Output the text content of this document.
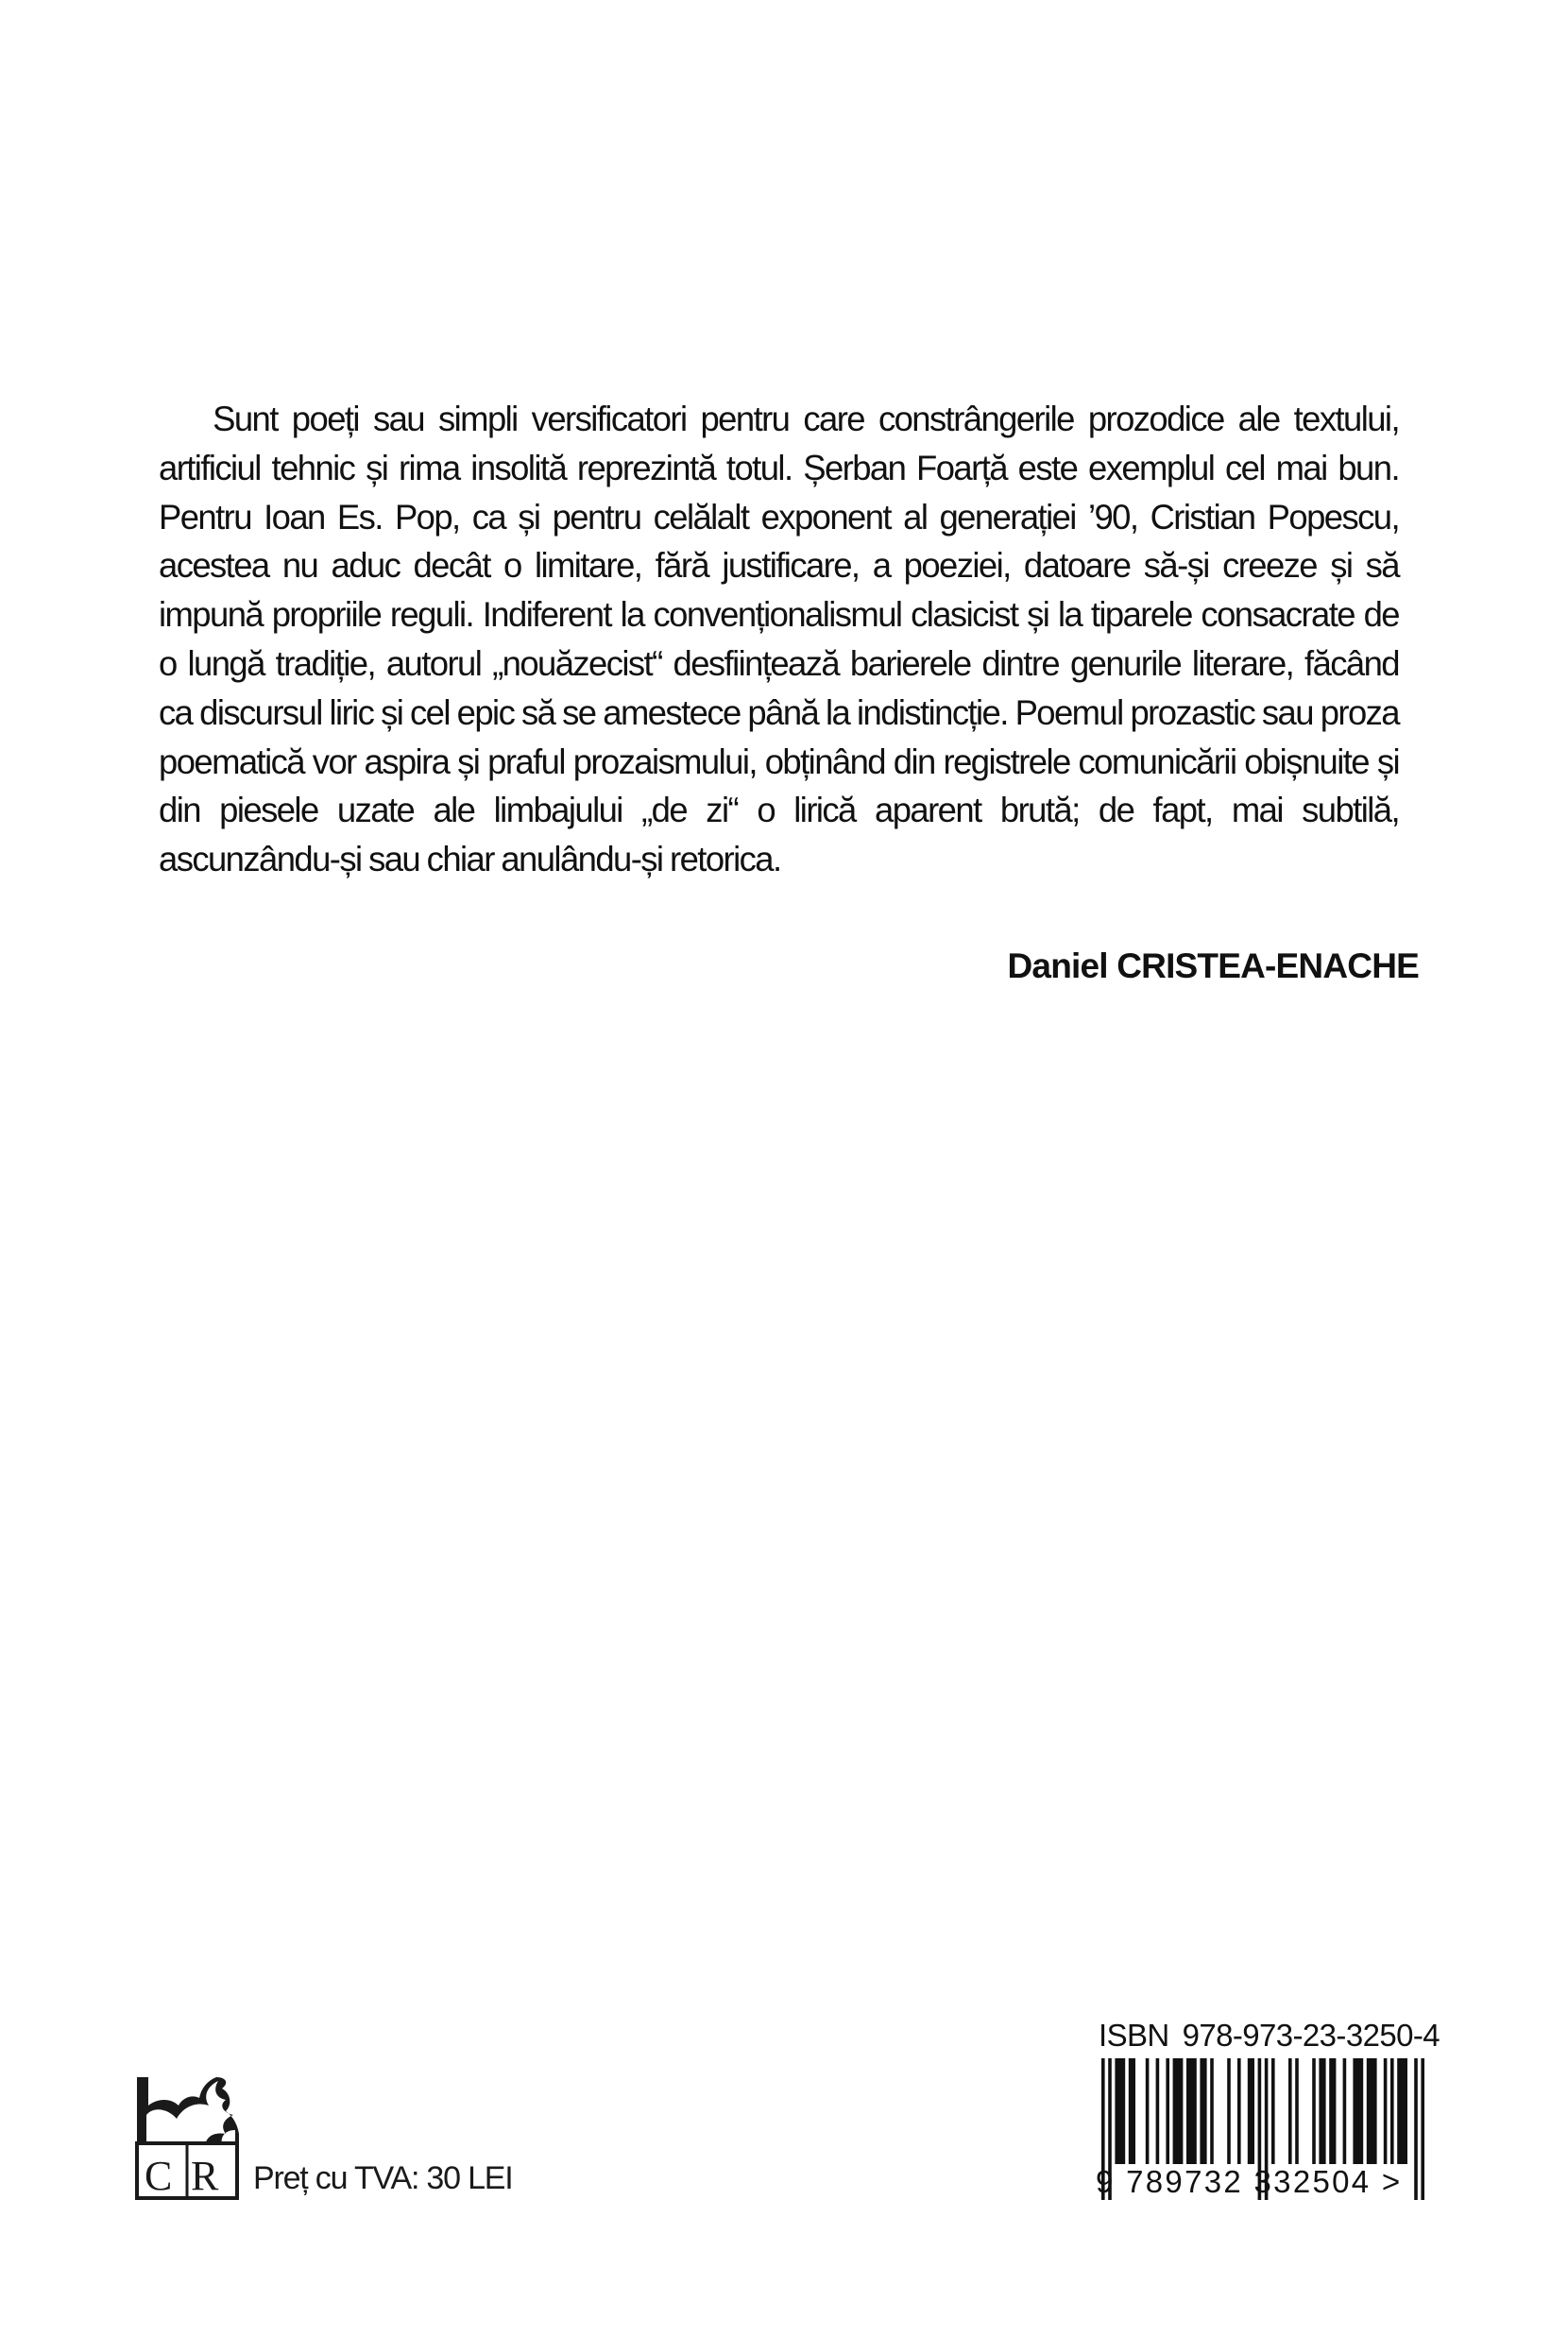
Sunt poeți sau simpli versificatori pentru care constrângerile prozodice ale textului, artificiul tehnic și rima insolită reprezintă totul. Șerban Foarță este exemplul cel mai bun. Pentru Ioan Es. Pop, ca și pentru celălalt exponent al generației ’90, Cristian Popescu, acestea nu aduc decât o limitare, fără justificare, a poeziei, datoare să-și creeze și să impună propriile reguli. Indiferent la convenționalismul clasicist și la tiparele consacrate de o lungă tradiție, autorul „nouăzecist“ desființează barierele dintre genurile literare, făcând ca discursul liric și cel epic să se amestece până la indistincție. Poemul prozastic sau proza poematică vor aspira și praful prozaismului, obținând din registrele comunicării obișnuite și din piesele uzate ale limbajului „de zi“ o lirică aparent brută; de fapt, mai subtilă, ascunzându-și sau chiar anulându-și retorica.

Daniel CRISTEA-ENACHE
C R Preț cu TVA: 30 LEI
ISBN 978-973-23-3250-4
9 789732 332504 >
